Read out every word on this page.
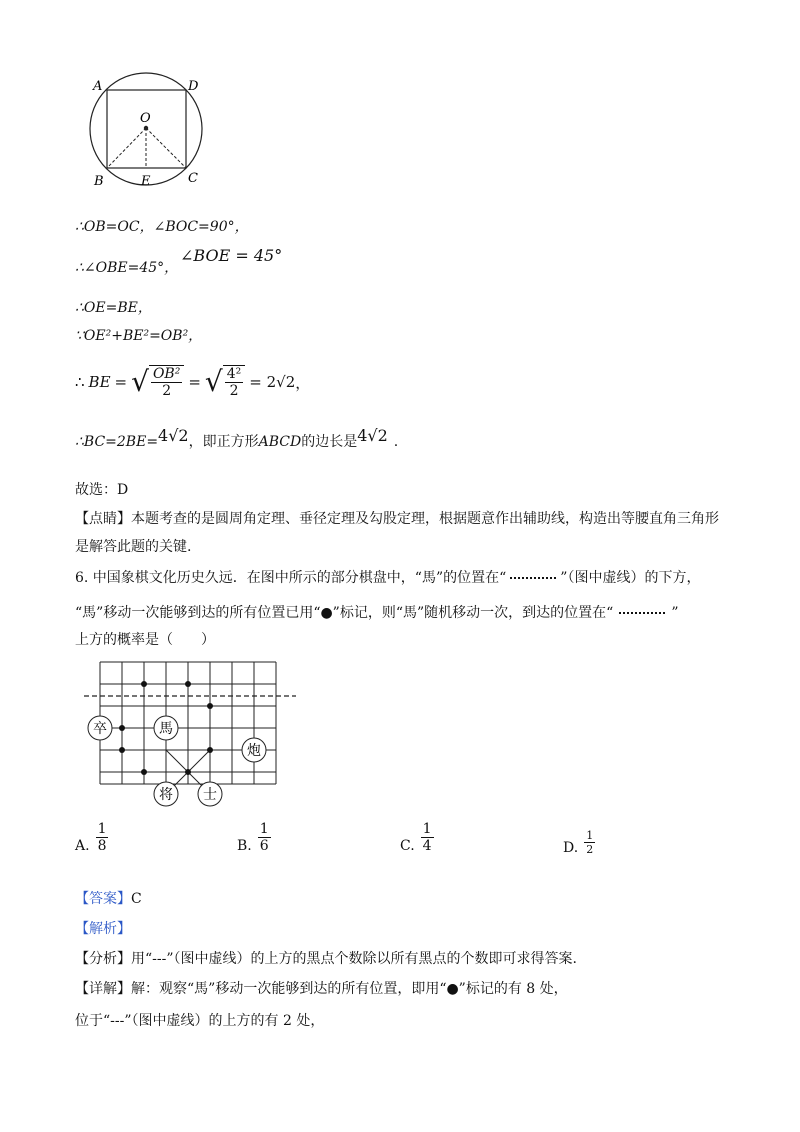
A	D
O
B	E	C
∴OB=OC，∠BOC=90°，
∴∠OBE=45°，
∠BOE = 45°
∴OE=BE，
∵OE²+BE²=OB²，
∴ BE = √ $\frac{\text{OB²}}{2}$ = √ $\frac{\text{4²}}{2} = 2√2$ ，
∴BC=2BE= 4√2 ，即正方形 ABCD 的边长是 4√2 .
故选：D
【点睛】本题考查的是圆周角定理、垂径定理及勾股定理，根据题意作出辅助线，构造出等腰直角三角形
是解答此题的关键.
6. 中国象棋文化历史久远．在图中所示的部分棋盘中，“馬”的位置在“	”（图中虚线）的下方，
“馬”移动一次能够到达的所有位置已用“●”标记，则“馬”随机移动一次，到达的位置在“	”
上方的概率是（　　）
卒	馬
炮
将 士
A. $\frac{1}{8}$	B. $\frac{1}{6}$	C. $\frac{1}{4}$	D. $\frac{1}{2}$
【答案】C
【解析】
【分析】用“---”（图中虚线）的上方的黑点个数除以所有黑点的个数即可求得答案.
【详解】解：观察“馬”移动一次能够到达的所有位置，即用“●”标记的有 8 处，
位于“---”（图中虚线）的上方的有 2 处，
